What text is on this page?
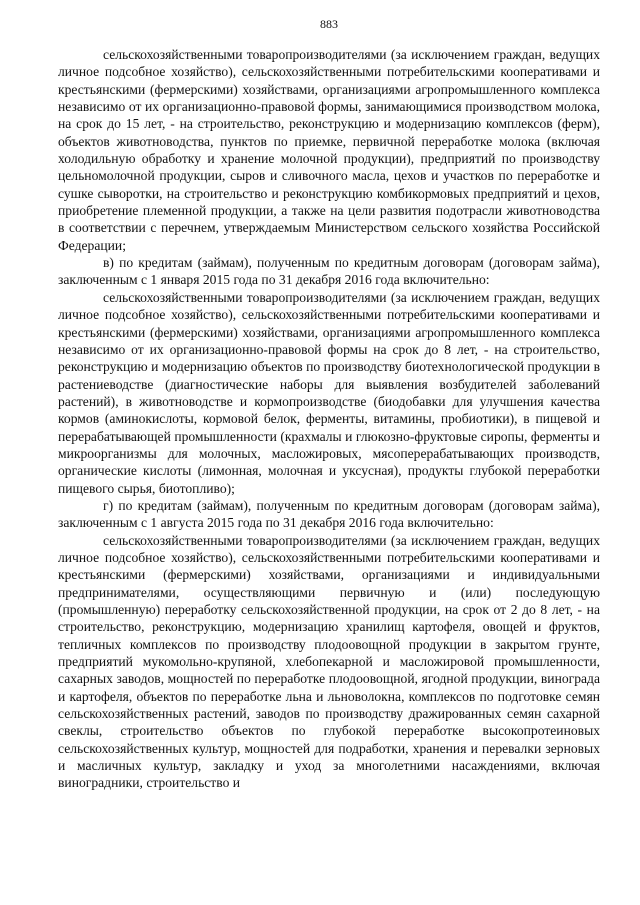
883

сельскохозяйственными товаропроизводителями (за исключением граждан, ведущих личное подсобное хозяйство), сельскохозяйственными потребительскими кооперативами и крестьянскими (фермерскими) хозяйствами, организациями агропромышленного комплекса независимо от их организационно-правовой формы, занимающимися производством молока, на срок до 15 лет, - на строительство, реконструкцию и модернизацию комплексов (ферм), объектов животноводства, пунктов по приемке, первичной переработке молока (включая холодильную обработку и хранение молочной продукции), предприятий по производству цельномолочной продукции, сыров и сливочного масла, цехов и участков по переработке и сушке сыворотки, на строительство и реконструкцию комбикормовых предприятий и цехов, приобретение племенной продукции, а также на цели развития подотрасли животноводства в соответствии с перечнем, утверждаемым Министерством сельского хозяйства Российской Федерации;

в) по кредитам (займам), полученным по кредитным договорам (договорам займа), заключенным с 1 января 2015 года по 31 декабря 2016 года включительно:

сельскохозяйственными товаропроизводителями (за исключением граждан, ведущих личное подсобное хозяйство), сельскохозяйственными потребительскими кооперативами и крестьянскими (фермерскими) хозяйствами, организациями агропромышленного комплекса независимо от их организационно-правовой формы на срок до 8 лет, - на строительство, реконструкцию и модернизацию объектов по производству биотехнологической продукции в растениеводстве (диагностические наборы для выявления возбудителей заболеваний растений), в животноводстве и кормопроизводстве (биодобавки для улучшения качества кормов (аминокислоты, кормовой белок, ферменты, витамины, пробиотики), в пищевой и перерабатывающей промышленности (крахмалы и глюкозно-фруктовые сиропы, ферменты и микроорганизмы для молочных, масложировых, мясоперерабатывающих производств, органические кислоты (лимонная, молочная и уксусная), продукты глубокой переработки пищевого сырья, биотопливо);

г) по кредитам (займам), полученным по кредитным договорам (договорам займа), заключенным с 1 августа 2015 года по 31 декабря 2016 года включительно:

сельскохозяйственными товаропроизводителями (за исключением граждан, ведущих личное подсобное хозяйство), сельскохозяйственными потребительскими кооперативами и крестьянскими (фермерскими) хозяйствами, организациями и индивидуальными предпринимателями, осуществляющими первичную и (или) последующую (промышленную) переработку сельскохозяйственной продукции, на срок от 2 до 8 лет, - на строительство, реконструкцию, модернизацию хранилищ картофеля, овощей и фруктов, тепличных комплексов по производству плодоовощной продукции в закрытом грунте, предприятий мукомольно-крупяной, хлебопекарной и масложировой промышленности, сахарных заводов, мощностей по переработке плодоовощной, ягодной продукции, винограда и картофеля, объектов по переработке льна и льноволокна, комплексов по подготовке семян сельскохозяйственных растений, заводов по производству дражированных семян сахарной свеклы, строительство объектов по глубокой переработке высокопротеиновых сельскохозяйственных культур, мощностей для подработки, хранения и перевалки зерновых и масличных культур, закладку и уход за многолетними насаждениями, включая виноградники, строительство и
